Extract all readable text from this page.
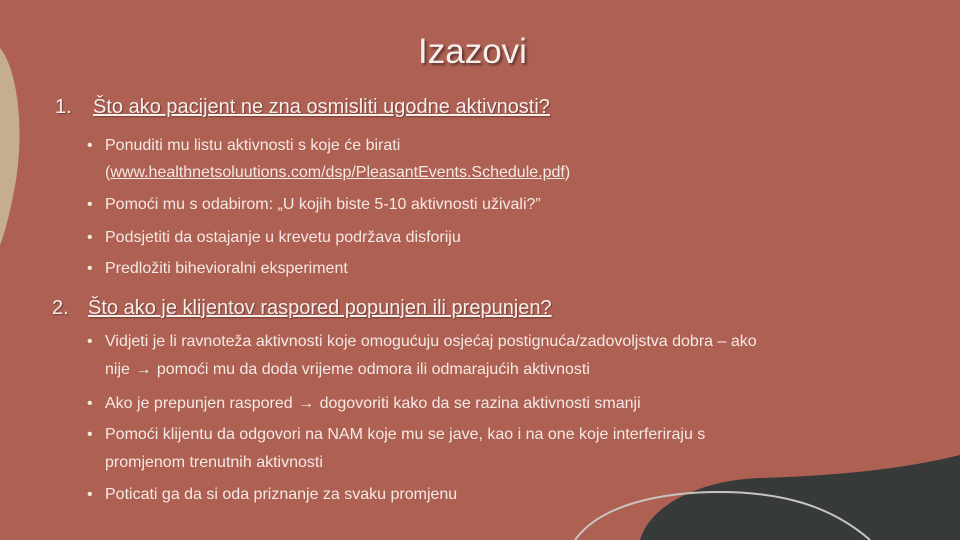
Izazovi
1. Što ako pacijent ne zna osmisliti ugodne aktivnosti?
• Ponuditi mu listu aktivnosti s koje će birati
(www.healthnetsoluutions.com/dsp/PleasantEvents.Schedule.pdf)
• Pomoći mu s odabirom: „U kojih biste 5-10 aktivnosti uživali?”
• Podsjetiti da ostajanje u krevetu podržava disforiju
• Predložiti bihevioralni eksperiment
2. Što ako je klijentov raspored popunjen ili prepunjen?
• Vidjeti je li ravnoteža aktivnosti koje omogućuju osjećaj postignuća/zadovoljstva dobra – ako
nije → pomoći mu da doda vrijeme odmora ili odmarajućih aktivnosti
• Ako je prepunjen raspored → dogovoriti kako da se razina aktivnosti smanji
• Pomoći klijentu da odgovori na NAM koje mu se jave, kao i na one koje interferiraju s
promjenom trenutnih aktivnosti
• Poticati ga da si oda priznanje za svaku promjenu
